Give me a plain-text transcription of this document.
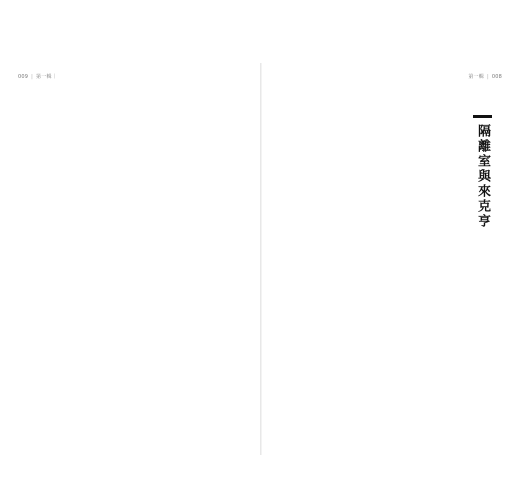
009 | 第一輯｜	第一輯 | 008
隔離室與來克亨
